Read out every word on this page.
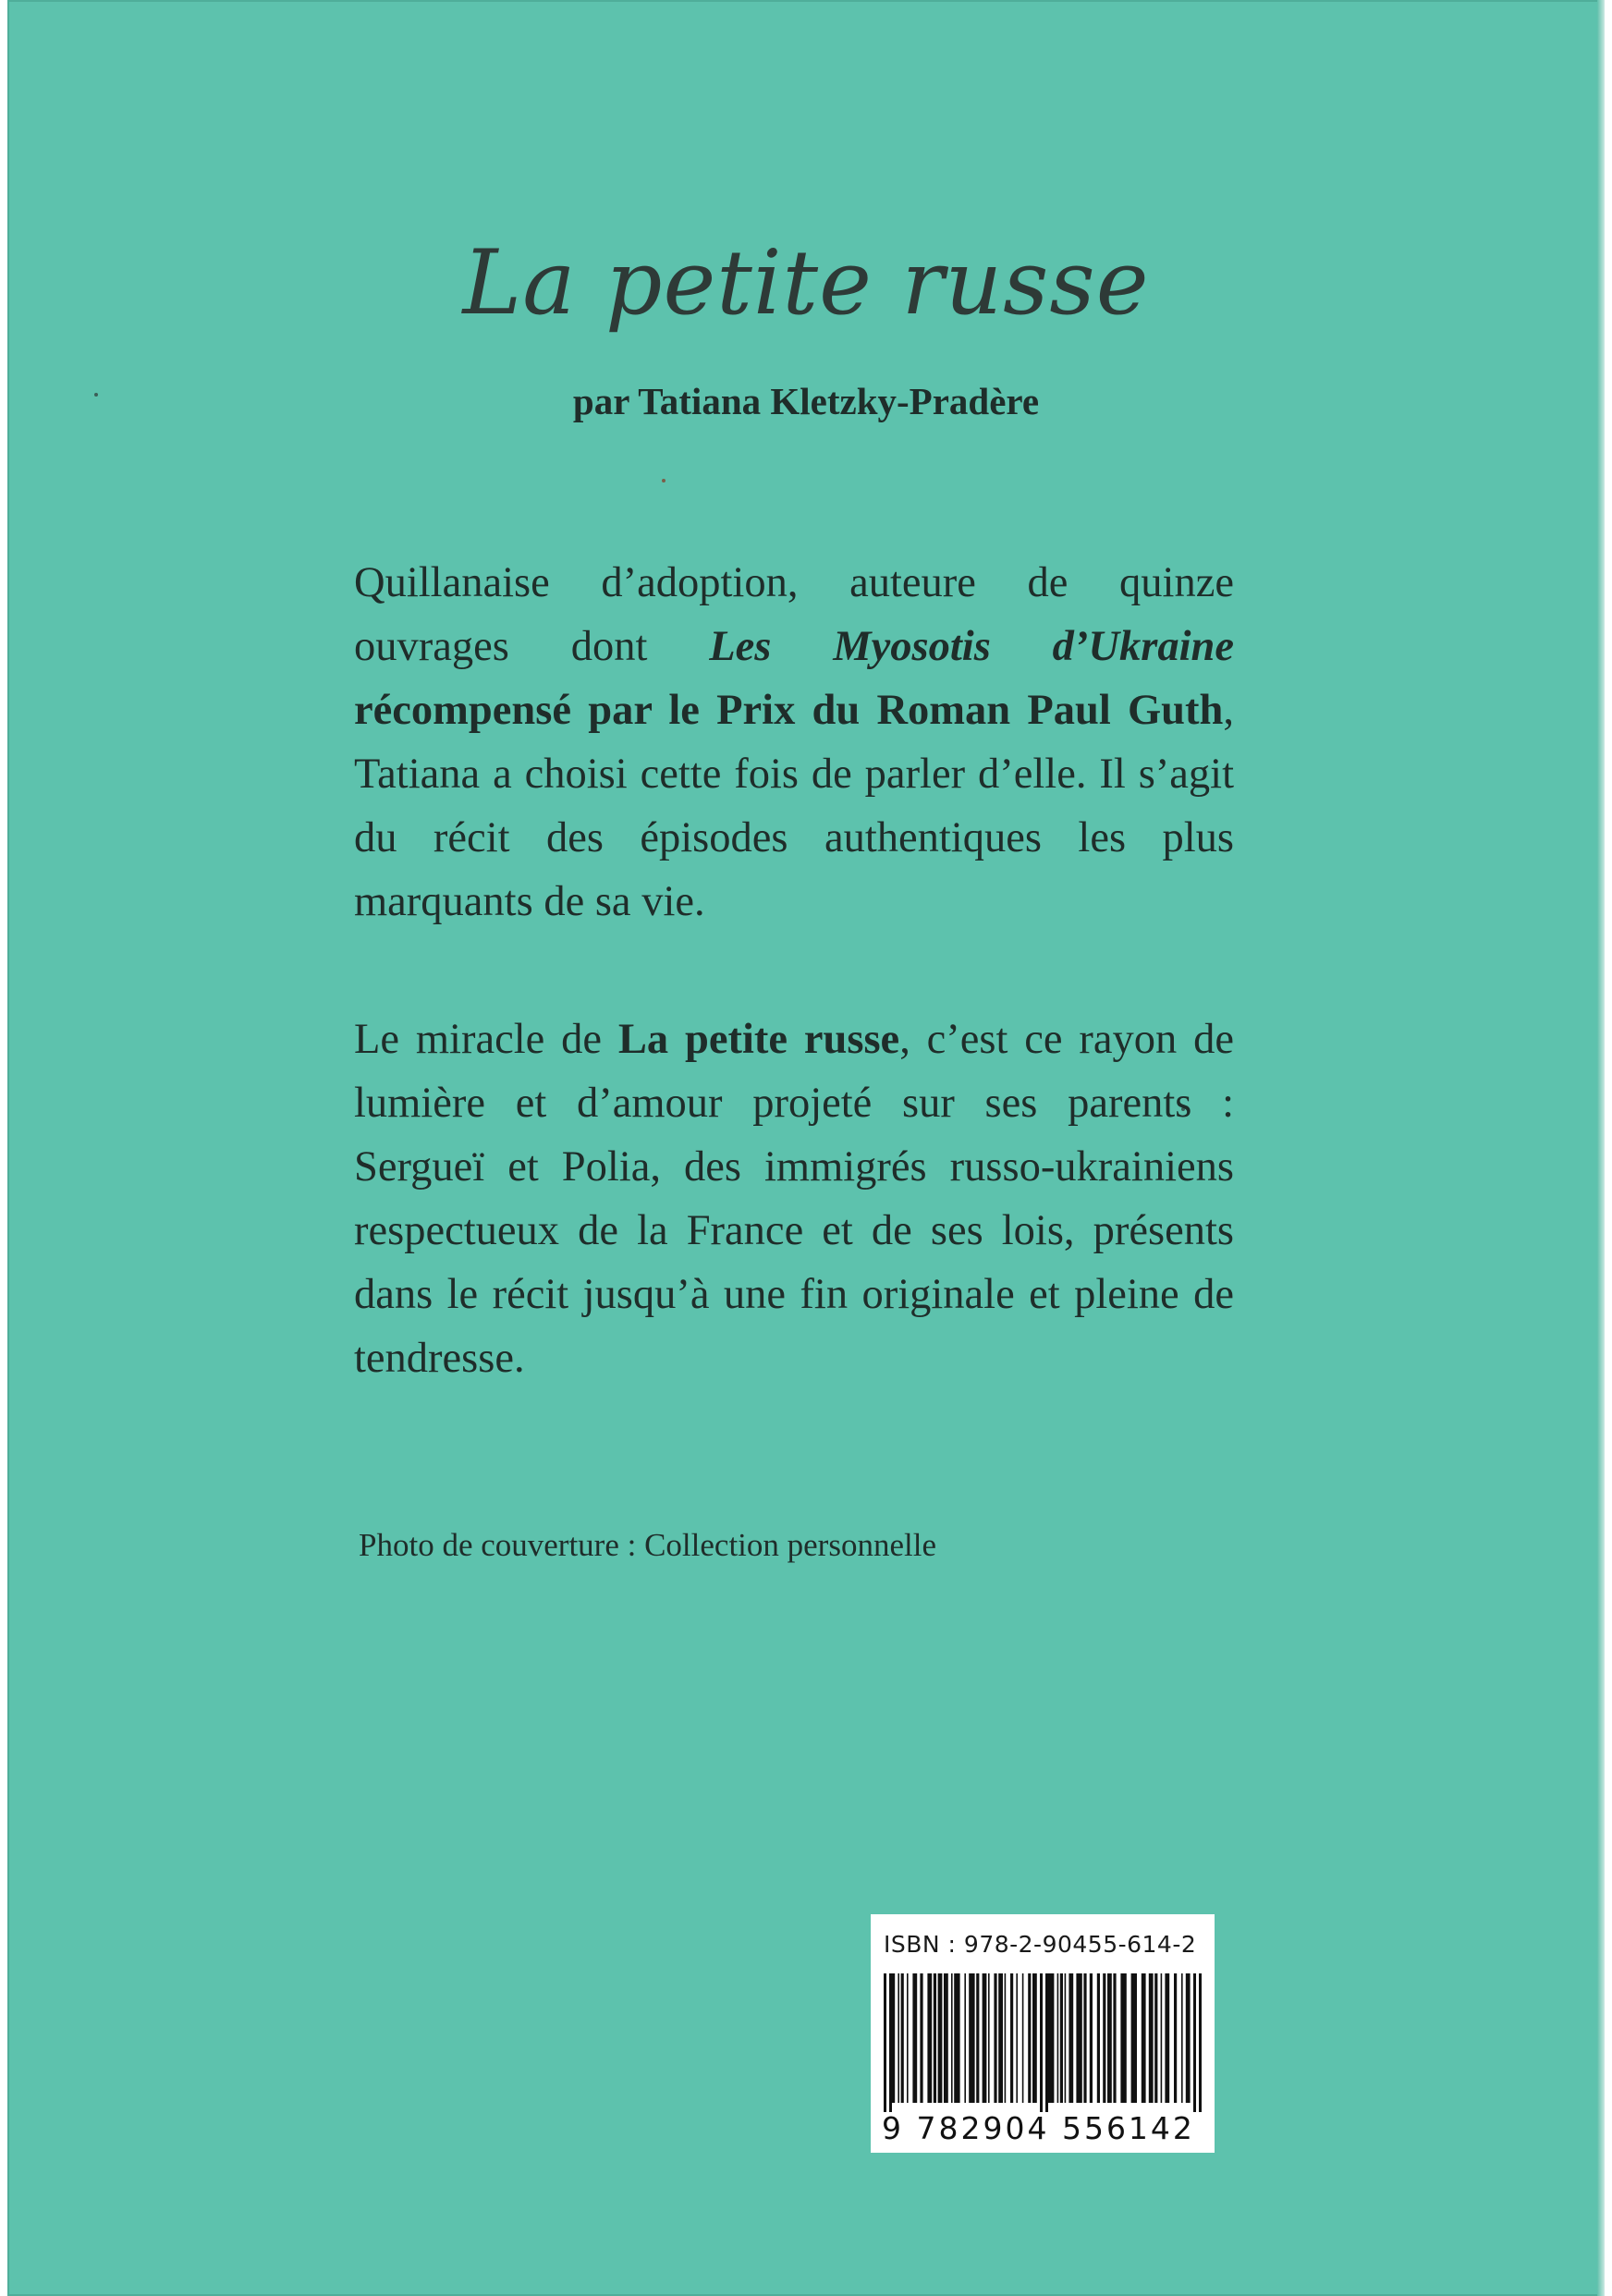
La petite russe
par Tatiana Kletzky-Pradère

Quillanaise d’adoption, auteure de quinze ouvrages dont Les Myosotis d’Ukraine récompensé par le Prix du Roman Paul Guth, Tatiana a choisi cette fois de parler d’elle. Il s’agit du récit des épisodes authentiques les plus marquants de sa vie.

Le miracle de La petite russe, c’est ce rayon de lumière et d’amour projeté sur ses parents : Sergueï et Polia, des immigrés russo-ukrainiens respectueux de la France et de ses lois, présents dans le récit jusqu’à une fin originale et pleine de tendresse.

Photo de couverture : Collection personnelle
ISBN : 978-2-90455-614-2
9 782904 556142
